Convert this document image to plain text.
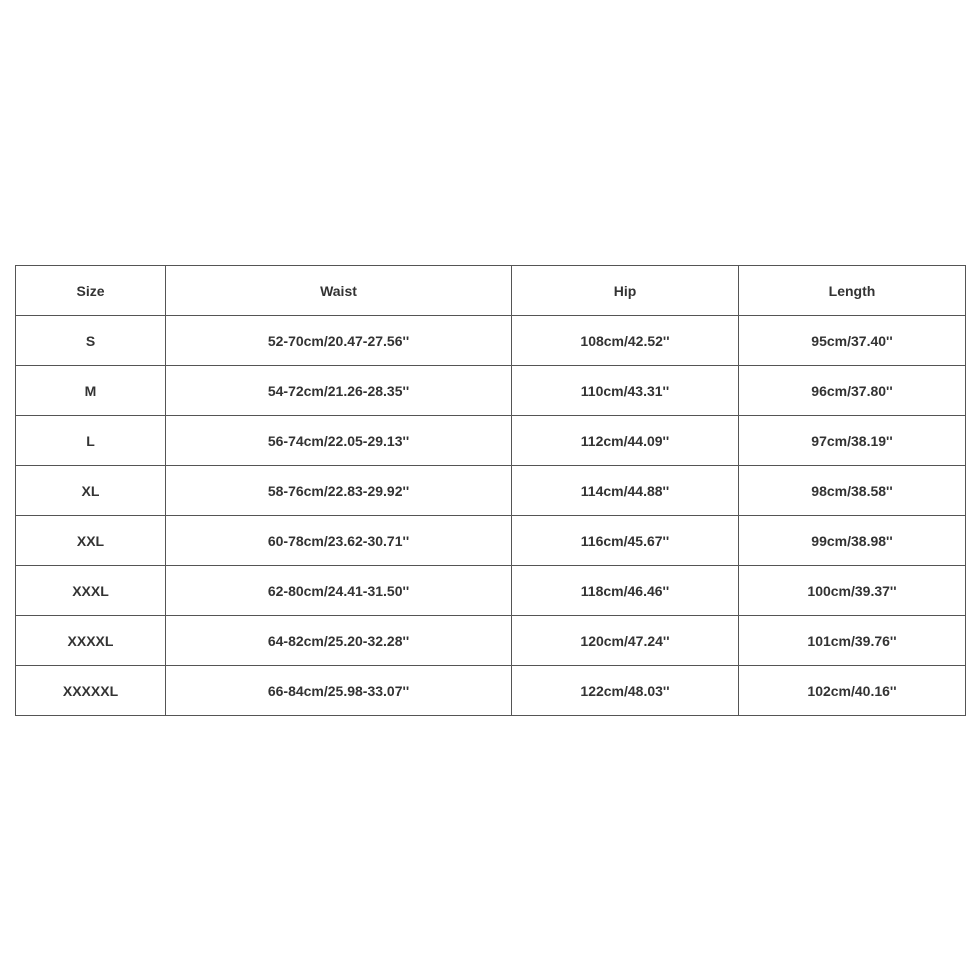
Size	Waist	Hip	Length
S	52-70cm/20.47-27.56''	108cm/42.52''	95cm/37.40''
M	54-72cm/21.26-28.35''	110cm/43.31''	96cm/37.80''
L	56-74cm/22.05-29.13''	112cm/44.09''	97cm/38.19''
XL	58-76cm/22.83-29.92''	114cm/44.88''	98cm/38.58''
XXL	60-78cm/23.62-30.71''	116cm/45.67''	99cm/38.98''
XXXL	62-80cm/24.41-31.50''	118cm/46.46''	100cm/39.37''
XXXXL	64-82cm/25.20-32.28''	120cm/47.24''	101cm/39.76''
XXXXXL	66-84cm/25.98-33.07''	122cm/48.03''	102cm/40.16''
